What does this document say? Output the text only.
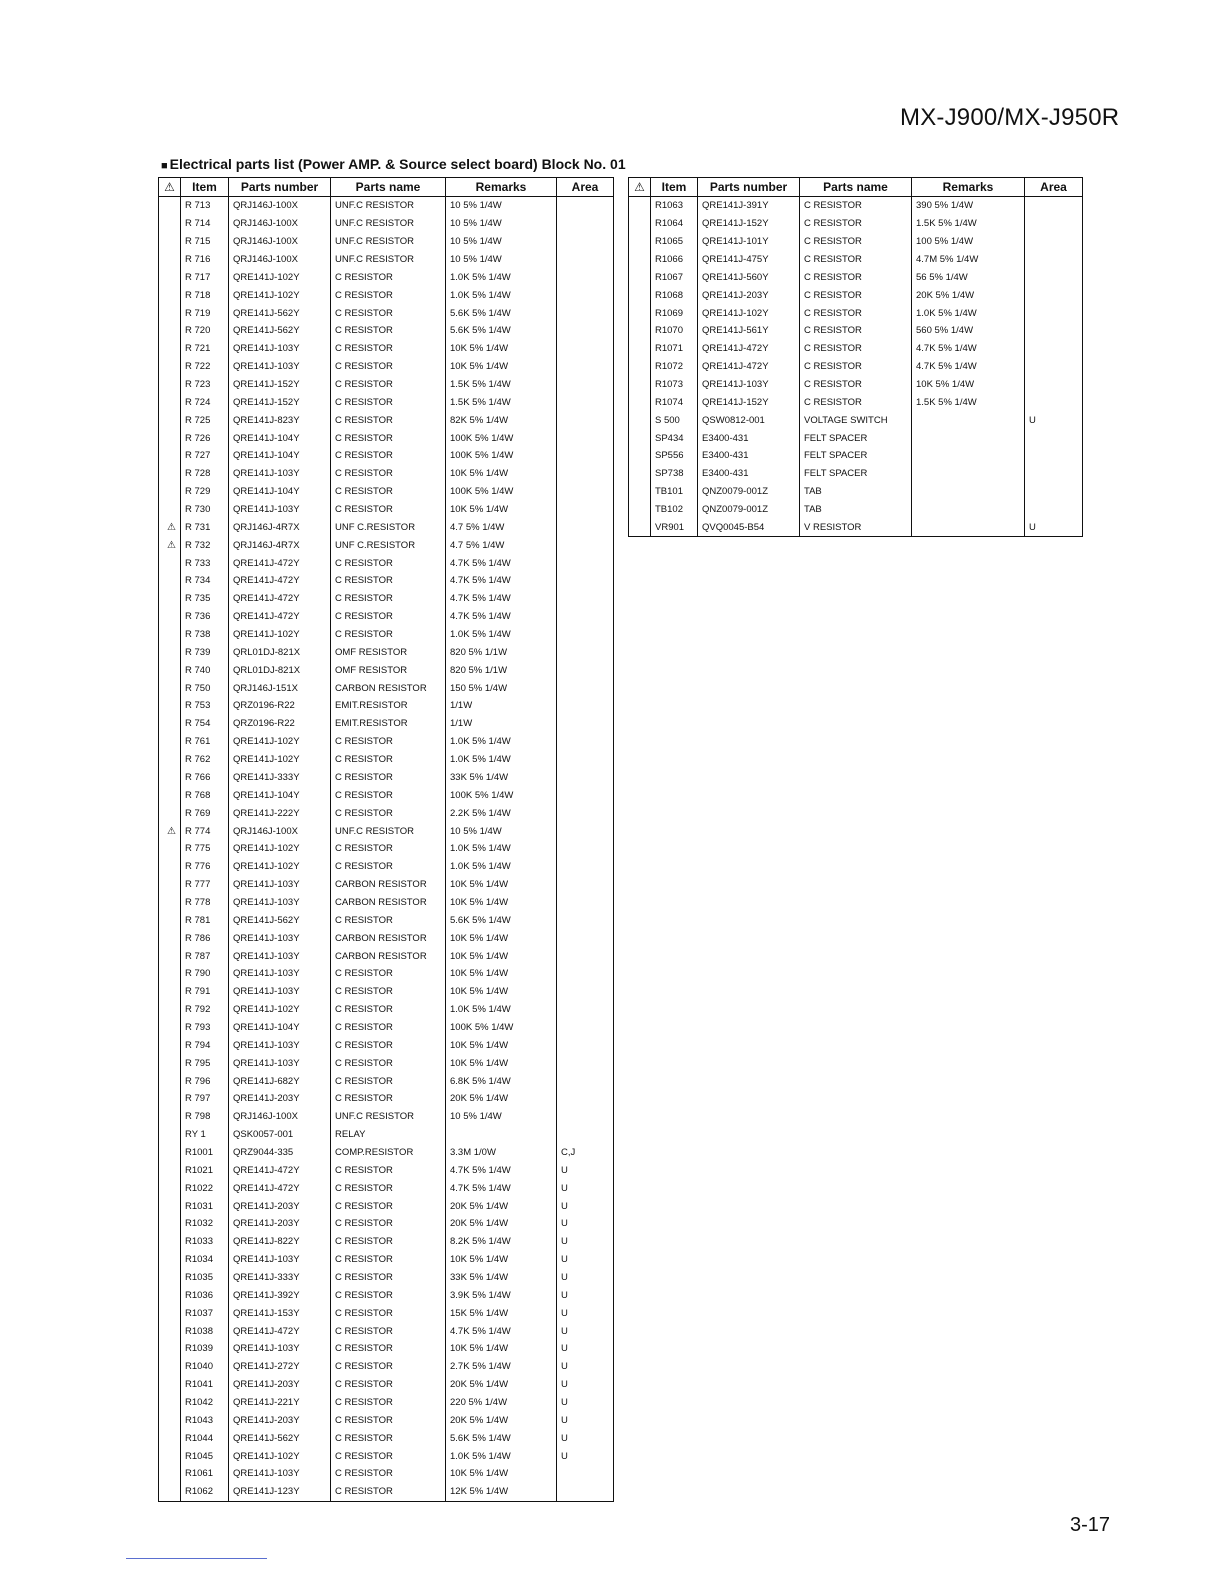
MX-J900/MX-J950R
■ Electrical parts list (Power AMP. & Source select board) Block No. 01
⚠	Item	Parts number	Parts name	Remarks	Area
	R 713	QRJ146J-100X	UNF.C RESISTOR	10 5% 1/4W	
	R 714	QRJ146J-100X	UNF.C RESISTOR	10 5% 1/4W	
	R 715	QRJ146J-100X	UNF.C RESISTOR	10 5% 1/4W	
	R 716	QRJ146J-100X	UNF.C RESISTOR	10 5% 1/4W	
	R 717	QRE141J-102Y	C RESISTOR	1.0K 5% 1/4W	
	R 718	QRE141J-102Y	C RESISTOR	1.0K 5% 1/4W	
	R 719	QRE141J-562Y	C RESISTOR	5.6K 5% 1/4W	
	R 720	QRE141J-562Y	C RESISTOR	5.6K 5% 1/4W	
	R 721	QRE141J-103Y	C RESISTOR	10K 5% 1/4W	
	R 722	QRE141J-103Y	C RESISTOR	10K 5% 1/4W	
	R 723	QRE141J-152Y	C RESISTOR	1.5K 5% 1/4W	
	R 724	QRE141J-152Y	C RESISTOR	1.5K 5% 1/4W	
	R 725	QRE141J-823Y	C RESISTOR	82K 5% 1/4W	
	R 726	QRE141J-104Y	C RESISTOR	100K 5% 1/4W	
	R 727	QRE141J-104Y	C RESISTOR	100K 5% 1/4W	
	R 728	QRE141J-103Y	C RESISTOR	10K 5% 1/4W	
	R 729	QRE141J-104Y	C RESISTOR	100K 5% 1/4W	
	R 730	QRE141J-103Y	C RESISTOR	10K 5% 1/4W	
⚠	R 731	QRJ146J-4R7X	UNF C.RESISTOR	4.7 5% 1/4W	
⚠	R 732	QRJ146J-4R7X	UNF C.RESISTOR	4.7 5% 1/4W	
	R 733	QRE141J-472Y	C RESISTOR	4.7K 5% 1/4W	
	R 734	QRE141J-472Y	C RESISTOR	4.7K 5% 1/4W	
	R 735	QRE141J-472Y	C RESISTOR	4.7K 5% 1/4W	
	R 736	QRE141J-472Y	C RESISTOR	4.7K 5% 1/4W	
	R 738	QRE141J-102Y	C RESISTOR	1.0K 5% 1/4W	
	R 739	QRL01DJ-821X	OMF RESISTOR	820 5% 1/1W	
	R 740	QRL01DJ-821X	OMF RESISTOR	820 5% 1/1W	
	R 750	QRJ146J-151X	CARBON RESISTOR	150 5% 1/4W	
	R 753	QRZ0196-R22	EMIT.RESISTOR	1/1W	
	R 754	QRZ0196-R22	EMIT.RESISTOR	1/1W	
	R 761	QRE141J-102Y	C RESISTOR	1.0K 5% 1/4W	
	R 762	QRE141J-102Y	C RESISTOR	1.0K 5% 1/4W	
	R 766	QRE141J-333Y	C RESISTOR	33K 5% 1/4W	
	R 768	QRE141J-104Y	C RESISTOR	100K 5% 1/4W	
	R 769	QRE141J-222Y	C RESISTOR	2.2K 5% 1/4W	
⚠	R 774	QRJ146J-100X	UNF.C RESISTOR	10 5% 1/4W	
	R 775	QRE141J-102Y	C RESISTOR	1.0K 5% 1/4W	
	R 776	QRE141J-102Y	C RESISTOR	1.0K 5% 1/4W	
	R 777	QRE141J-103Y	CARBON RESISTOR	10K 5% 1/4W	
	R 778	QRE141J-103Y	CARBON RESISTOR	10K 5% 1/4W	
	R 781	QRE141J-562Y	C RESISTOR	5.6K 5% 1/4W	
	R 786	QRE141J-103Y	CARBON RESISTOR	10K 5% 1/4W	
	R 787	QRE141J-103Y	CARBON RESISTOR	10K 5% 1/4W	
	R 790	QRE141J-103Y	C RESISTOR	10K 5% 1/4W	
	R 791	QRE141J-103Y	C RESISTOR	10K 5% 1/4W	
	R 792	QRE141J-102Y	C RESISTOR	1.0K 5% 1/4W	
	R 793	QRE141J-104Y	C RESISTOR	100K 5% 1/4W	
	R 794	QRE141J-103Y	C RESISTOR	10K 5% 1/4W	
	R 795	QRE141J-103Y	C RESISTOR	10K 5% 1/4W	
	R 796	QRE141J-682Y	C RESISTOR	6.8K 5% 1/4W	
	R 797	QRE141J-203Y	C RESISTOR	20K 5% 1/4W	
	R 798	QRJ146J-100X	UNF.C RESISTOR	10 5% 1/4W	
	RY 1	QSK0057-001	RELAY		
	R1001	QRZ9044-335	COMP.RESISTOR	3.3M 1/0W	C,J
	R1021	QRE141J-472Y	C RESISTOR	4.7K 5% 1/4W	U
	R1022	QRE141J-472Y	C RESISTOR	4.7K 5% 1/4W	U
	R1031	QRE141J-203Y	C RESISTOR	20K 5% 1/4W	U
	R1032	QRE141J-203Y	C RESISTOR	20K 5% 1/4W	U
	R1033	QRE141J-822Y	C RESISTOR	8.2K 5% 1/4W	U
	R1034	QRE141J-103Y	C RESISTOR	10K 5% 1/4W	U
	R1035	QRE141J-333Y	C RESISTOR	33K 5% 1/4W	U
	R1036	QRE141J-392Y	C RESISTOR	3.9K 5% 1/4W	U
	R1037	QRE141J-153Y	C RESISTOR	15K 5% 1/4W	U
	R1038	QRE141J-472Y	C RESISTOR	4.7K 5% 1/4W	U
	R1039	QRE141J-103Y	C RESISTOR	10K 5% 1/4W	U
	R1040	QRE141J-272Y	C RESISTOR	2.7K 5% 1/4W	U
	R1041	QRE141J-203Y	C RESISTOR	20K 5% 1/4W	U
	R1042	QRE141J-221Y	C RESISTOR	220 5% 1/4W	U
	R1043	QRE141J-203Y	C RESISTOR	20K 5% 1/4W	U
	R1044	QRE141J-562Y	C RESISTOR	5.6K 5% 1/4W	U
	R1045	QRE141J-102Y	C RESISTOR	1.0K 5% 1/4W	U
	R1061	QRE141J-103Y	C RESISTOR	10K 5% 1/4W	
	R1062	QRE141J-123Y	C RESISTOR	12K 5% 1/4W	
⚠	Item	Parts number	Parts name	Remarks	Area
	R1063	QRE141J-391Y	C RESISTOR	390 5% 1/4W	
	R1064	QRE141J-152Y	C RESISTOR	1.5K 5% 1/4W	
	R1065	QRE141J-101Y	C RESISTOR	100 5% 1/4W	
	R1066	QRE141J-475Y	C RESISTOR	4.7M 5% 1/4W	
	R1067	QRE141J-560Y	C RESISTOR	56 5% 1/4W	
	R1068	QRE141J-203Y	C RESISTOR	20K 5% 1/4W	
	R1069	QRE141J-102Y	C RESISTOR	1.0K 5% 1/4W	
	R1070	QRE141J-561Y	C RESISTOR	560 5% 1/4W	
	R1071	QRE141J-472Y	C RESISTOR	4.7K 5% 1/4W	
	R1072	QRE141J-472Y	C RESISTOR	4.7K 5% 1/4W	
	R1073	QRE141J-103Y	C RESISTOR	10K 5% 1/4W	
	R1074	QRE141J-152Y	C RESISTOR	1.5K 5% 1/4W	
	S 500	QSW0812-001	VOLTAGE SWITCH		U
	SP434	E3400-431	FELT SPACER		
	SP556	E3400-431	FELT SPACER		
	SP738	E3400-431	FELT SPACER		
	TB101	QNZ0079-001Z	TAB		
	TB102	QNZ0079-001Z	TAB		
	VR901	QVQ0045-B54	V RESISTOR		U
3-17
